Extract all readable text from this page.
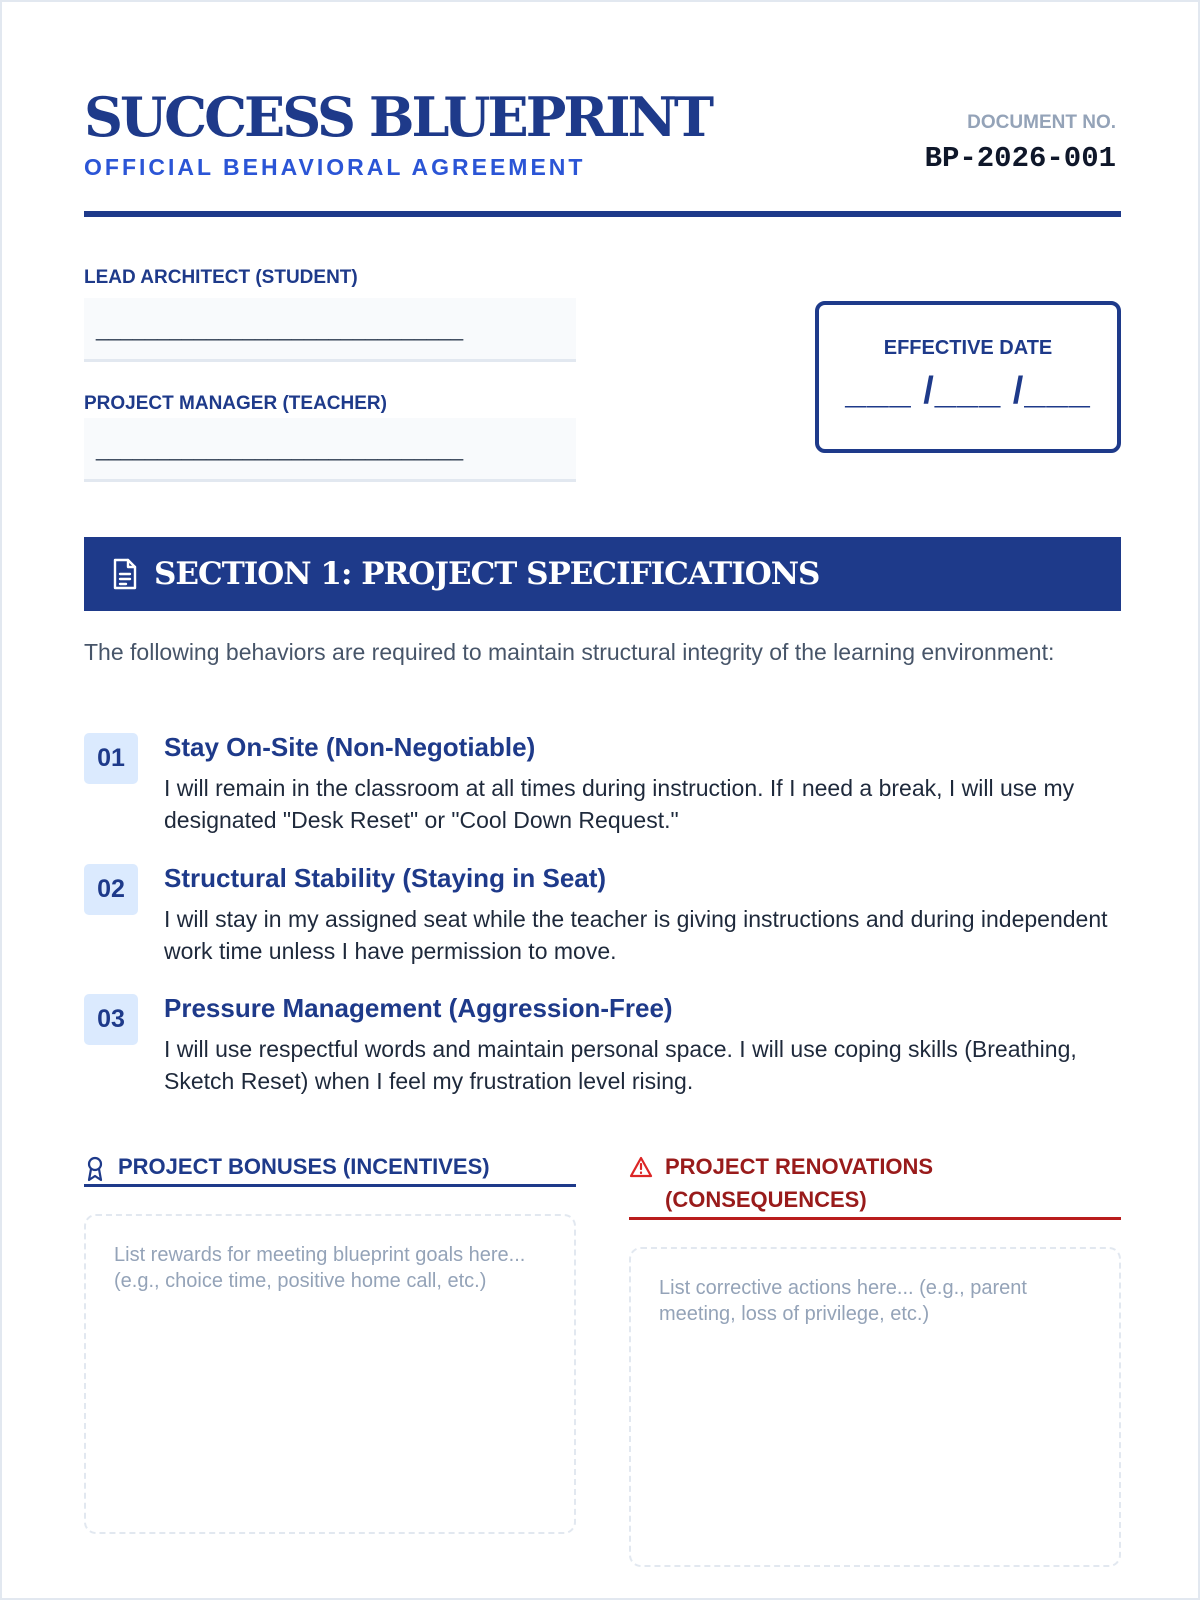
SUCCESS BLUEPRINT
OFFICIAL BEHAVIORAL AGREEMENT
DOCUMENT NO.
BP-2026-001
LEAD ARCHITECT (STUDENT)
______________________________
PROJECT MANAGER (TEACHER)
______________________________
EFFECTIVE DATE
___ /___ /___
SECTION 1: PROJECT SPECIFICATIONS
The following behaviors are required to maintain structural integrity of the learning environment:
01	Stay On-Site (Non-Negotiable)
I will remain in the classroom at all times during instruction. If I need a break, I will use my designated "Desk Reset" or "Cool Down Request."
02	Structural Stability (Staying in Seat)
I will stay in my assigned seat while the teacher is giving instructions and during independent work time unless I have permission to move.
03	Pressure Management (Aggression-Free)
I will use respectful words and maintain personal space. I will use coping skills (Breathing, Sketch Reset) when I feel my frustration level rising.
PROJECT BONUSES (INCENTIVES)	PROJECT RENOVATIONS (CONSEQUENCES)
List rewards for meeting blueprint goals here... (e.g., choice time, positive home call, etc.)	List corrective actions here... (e.g., parent meeting, loss of privilege, etc.)
